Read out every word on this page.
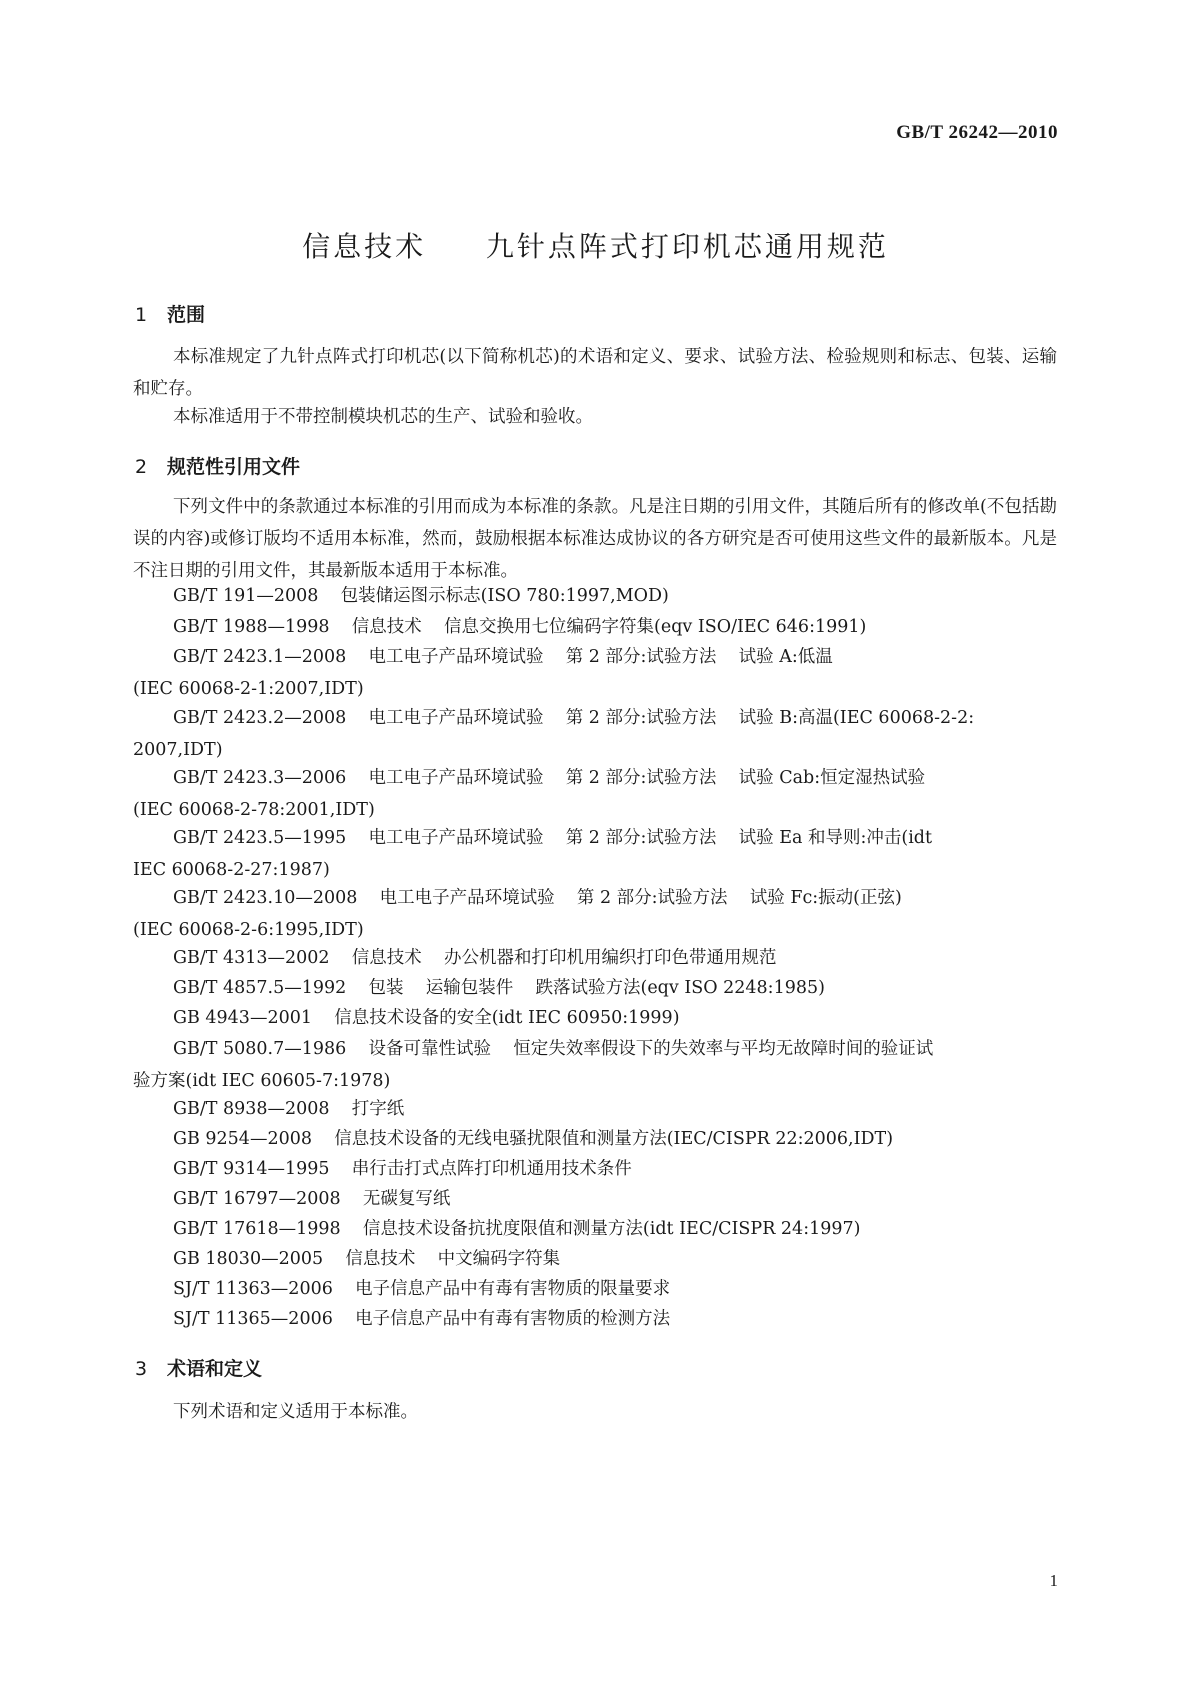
GB/T 26242—2010
信息技术  九针点阵式打印机芯通用规范
1 范围
本标准规定了九针点阵式打印机芯(以下简称机芯)的术语和定义、要求、试验方法、检验规则和标志、包装、运输和贮存。
本标准适用于不带控制模块机芯的生产、试验和验收。
2 规范性引用文件
下列文件中的条款通过本标准的引用而成为本标准的条款。凡是注日期的引用文件，其随后所有的修改单(不包括勘误的内容)或修订版均不适用本标准，然而，鼓励根据本标准达成协议的各方研究是否可使用这些文件的最新版本。凡是不注日期的引用文件，其最新版本适用于本标准。
GB/T 191—2008    包装储运图示标志(ISO 780:1997,MOD)
GB/T 1988—1998    信息技术    信息交换用七位编码字符集(eqv ISO/IEC 646:1991)
GB/T 2423.1—2008    电工电子产品环境试验    第 2 部分:试验方法    试验 A:低温
(IEC 60068-2-1:2007,IDT)
GB/T 2423.2—2008    电工电子产品环境试验    第 2 部分:试验方法    试验 B:高温(IEC 60068-2-2:
2007,IDT)
GB/T 2423.3—2006    电工电子产品环境试验    第 2 部分:试验方法    试验 Cab:恒定湿热试验
(IEC 60068-2-78:2001,IDT)
GB/T 2423.5—1995    电工电子产品环境试验    第 2 部分:试验方法    试验 Ea 和导则:冲击(idt
IEC 60068-2-27:1987)
GB/T 2423.10—2008    电工电子产品环境试验    第 2 部分:试验方法    试验 Fc:振动(正弦)
(IEC 60068-2-6:1995,IDT)
GB/T 4313—2002    信息技术    办公机器和打印机用编织打印色带通用规范
GB/T 4857.5—1992    包装    运输包装件    跌落试验方法(eqv ISO 2248:1985)
GB 4943—2001    信息技术设备的安全(idt IEC 60950:1999)
GB/T 5080.7—1986    设备可靠性试验    恒定失效率假设下的失效率与平均无故障时间的验证试
验方案(idt IEC 60605-7:1978)
GB/T 8938—2008    打字纸
GB 9254—2008    信息技术设备的无线电骚扰限值和测量方法(IEC/CISPR 22:2006,IDT)
GB/T 9314—1995    串行击打式点阵打印机通用技术条件
GB/T 16797—2008    无碳复写纸
GB/T 17618—1998    信息技术设备抗扰度限值和测量方法(idt IEC/CISPR 24:1997)
GB 18030—2005    信息技术    中文编码字符集
SJ/T 11363—2006    电子信息产品中有毒有害物质的限量要求
SJ/T 11365—2006    电子信息产品中有毒有害物质的检测方法
3 术语和定义
下列术语和定义适用于本标准。
1
